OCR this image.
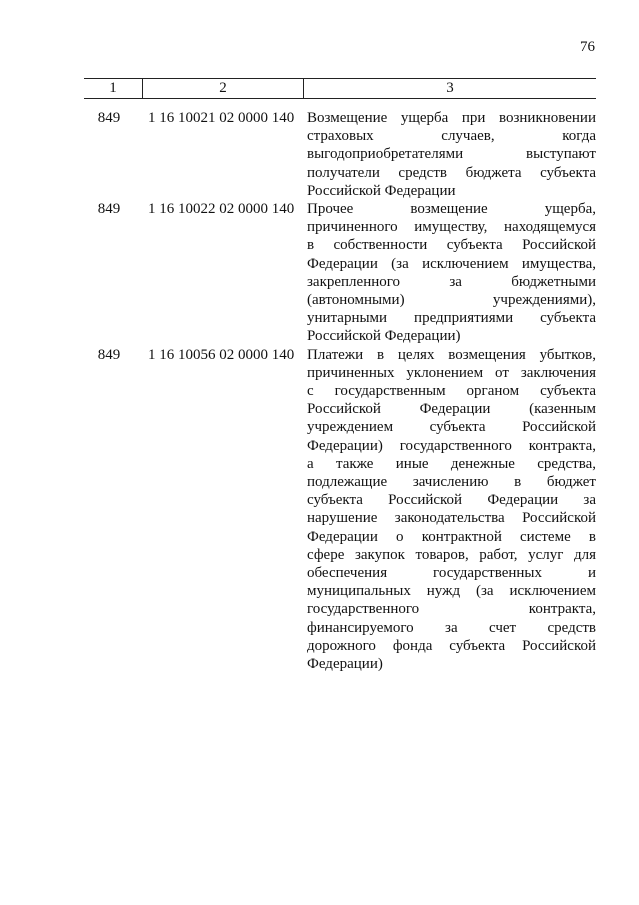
76
1	2	3
849	1 16 10021 02 0000 140 Возмещение ущерба при возникновении
страховых случаев, когда
выгодоприобретателями выступают
получатели средств бюджета субъекта
Российской Федерации
849	1 16 10022 02 0000 140 Прочее возмещение ущерба,
причиненного имуществу, находящемуся
в собственности субъекта Российской
Федерации (за исключением имущества,
закрепленного за бюджетными
(автономными) учреждениями),
унитарными предприятиями субъекта
Российской Федерации)
849	1 16 10056 02 0000 140 Платежи в целях возмещения убытков,
причиненных уклонением от заключения
с государственным органом субъекта
Российской Федерации (казенным
учреждением субъекта Российской
Федерации) государственного контракта,
а также иные денежные средства,
подлежащие зачислению в бюджет
субъекта Российской Федерации за
нарушение законодательства Российской
Федерации о контрактной системе в
сфере закупок товаров, работ, услуг для
обеспечения государственных и
муниципальных нужд (за исключением
государственного контракта,
финансируемого за счет средств
дорожного фонда субъекта Российской
Федерации)
